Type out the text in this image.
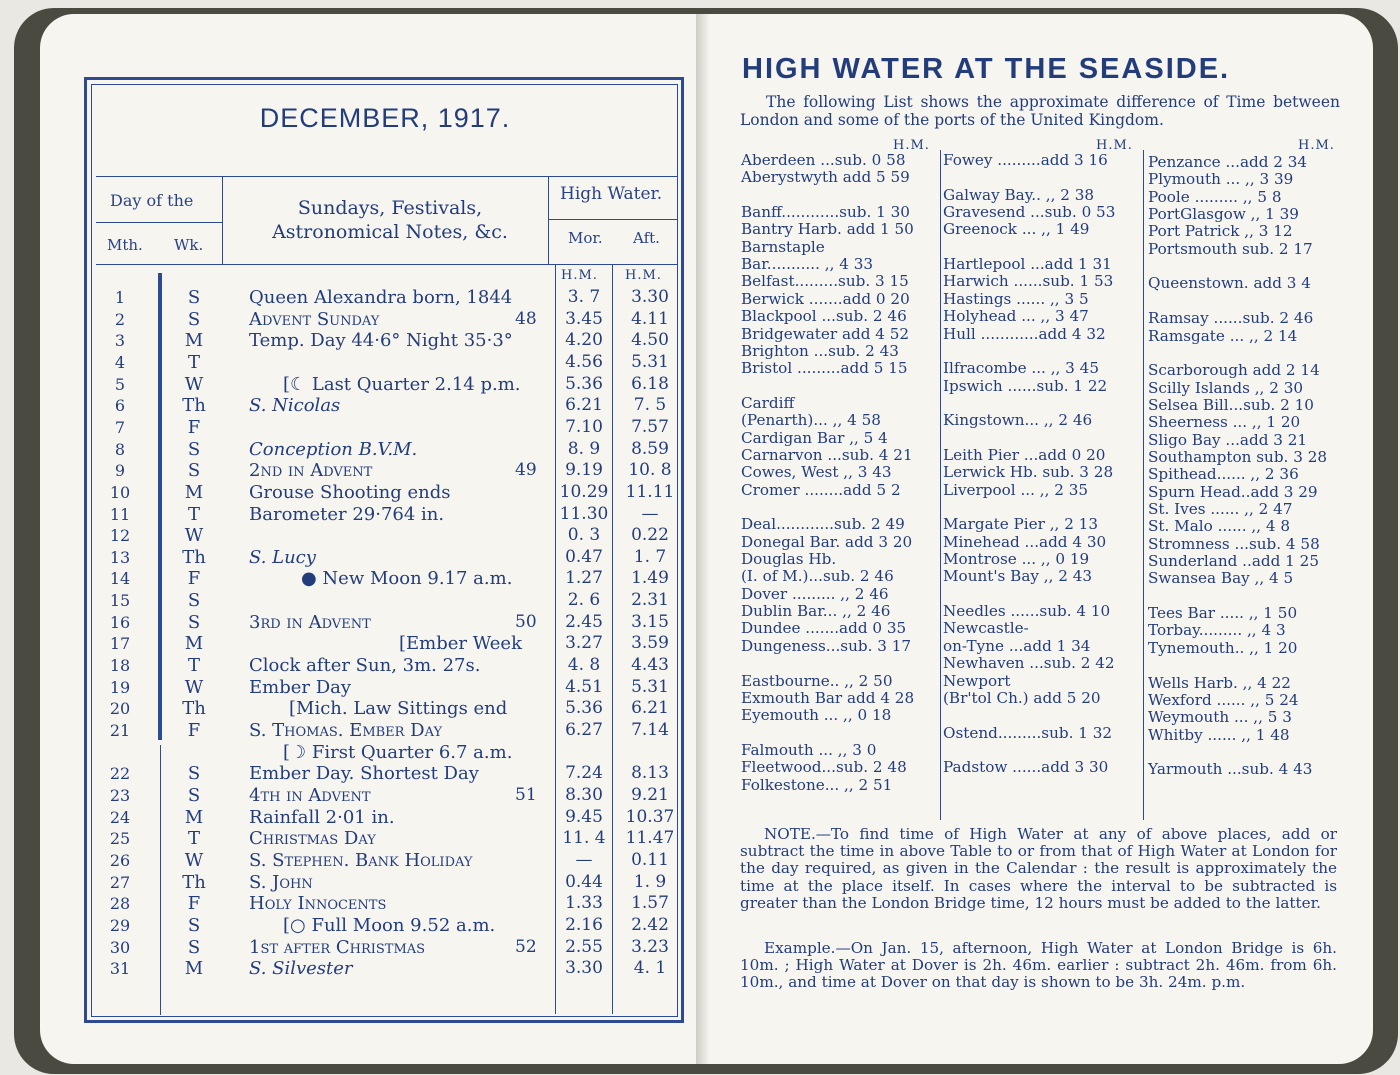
DECEMBER, 1917.
Day of the
Mth. Wk.
Sundays, Festivals,
Astronomical Notes, &c.
High Water.
Mor. Aft.
H.M. H.M.
1	S	Queen Alexandra born, 1844	3. 7	3.30
2	S	Advent Sunday	48	3.45	4.11
3	M	Temp. Day 44·6° Night 35·3°	4.20	4.50
4	T	4.56	5.31
5	W	[☾ Last Quarter 2.14 p.m.	5.36	6.18
6	Th	S. Nicolas	6.21	7. 5
7	F	7.10	7.57
8	S	Conception B.V.M.	8. 9	8.59
9	S	2nd in Advent	49	9.19	10. 8
10	M	Grouse Shooting ends	10.29	11.11
11	T	Barometer 29·764 in.	11.30	—
12	W	0. 3	0.22
13	Th	S. Lucy	0.47	1. 7
14	F	● New Moon 9.17 a.m.	1.27	1.49
15	S	2. 6	2.31
16	S	3rd in Advent	50	2.45	3.15
17	M	[Ember Week	3.27	3.59
18	T	Clock after Sun, 3m. 27s.	4. 8	4.43
19	W	Ember Day	4.51	5.31
20	Th	[Mich. Law Sittings end	5.36	6.21
21	F	S. Thomas. Ember Day	6.27	7.14
[☽ First Quarter 6.7 a.m.
22	S	Ember Day. Shortest Day	7.24	8.13
23	S	4th in Advent	51	8.30	9.21
24	M	Rainfall 2·01 in.	9.45	10.37
25	T	Christmas Day	11. 4	11.47
26	W	S. Stephen. Bank Holiday	—	0.11
27	Th	S. John	0.44	1. 9
28	F	Holy Innocents	1.33	1.57
29	S	[○ Full Moon 9.52 a.m.	2.16	2.42
30	S	1st after Christmas	52	2.55	3.23
31	M	S. Silvester	3.30	4. 1
HIGH WATER AT THE SEASIDE.
The following List shows the approximate difference of Time between London and some of the ports of the United Kingdom.
H.M.	H.M.	H.M.
Aberdeen ...sub. 0 58
Aberystwyth add 5 59
Banff............sub. 1 30
Bantry Harb. add 1 50
Barnstaple
Bar........... ,, 4 33
Belfast.........sub. 3 15
Berwick .......add 0 20
Blackpool ...sub. 2 46
Bridgewater add 4 52
Brighton ...sub. 2 43
Bristol .........add 5 15
Cardiff
(Penarth)... ,, 4 58
Cardigan Bar ,, 5 4
Carnarvon ...sub. 4 21
Cowes, West ,, 3 43
Cromer ........add 5 2
Deal............sub. 2 49
Donegal Bar. add 3 20
Douglas Hb.
(I. of M.)...sub. 2 46
Dover ......... ,, 2 46
Dublin Bar... ,, 2 46
Dundee .......add 0 35
Dungeness...sub. 3 17
Eastbourne.. ,, 2 50
Exmouth Bar add 4 28
Eyemouth ... ,, 0 18
Falmouth ... ,, 3 0
Fleetwood...sub. 2 48
Folkestone... ,, 2 51
Fowey .........add 3 16
Galway Bay.. ,, 2 38
Gravesend ...sub. 0 53
Greenock ... ,, 1 49
Hartlepool ...add 1 31
Harwich ......sub. 1 53
Hastings ...... ,, 3 5
Holyhead ... ,, 3 47
Hull ............add 4 32
Ilfracombe ... ,, 3 45
Ipswich ......sub. 1 22
Kingstown... ,, 2 46
Leith Pier ...add 0 20
Lerwick Hb. sub. 3 28
Liverpool ... ,, 2 35
Margate Pier ,, 2 13
Minehead ...add 4 30
Montrose ... ,, 0 19
Mount's Bay ,, 2 43
Needles ......sub. 4 10
Newcastle-
on-Tyne ...add 1 34
Newhaven ...sub. 2 42
Newport
(Br'tol Ch.) add 5 20
Ostend.........sub. 1 32
Padstow ......add 3 30
Penzance ...add 2 34
Plymouth ... ,, 3 39
Poole ......... ,, 5 8
PortGlasgow ,, 1 39
Port Patrick ,, 3 12
Portsmouth sub. 2 17
Queenstown. add 3 4
Ramsay ......sub. 2 46
Ramsgate ... ,, 2 14
Scarborough add 2 14
Scilly Islands ,, 2 30
Selsea Bill...sub. 2 10
Sheerness ... ,, 1 20
Sligo Bay ...add 3 21
Southampton sub. 3 28
Spithead...... ,, 2 36
Spurn Head..add 3 29
St. Ives ...... ,, 2 47
St. Malo ...... ,, 4 8
Stromness ...sub. 4 58
Sunderland ..add 1 25
Swansea Bay ,, 4 5
Tees Bar ..... ,, 1 50
Torbay......... ,, 4 3
Tynemouth.. ,, 1 20
Wells Harb. ,, 4 22
Wexford ...... ,, 5 24
Weymouth ... ,, 5 3
Whitby ...... ,, 1 48
Yarmouth ...sub. 4 43
NOTE.—To find time of High Water at any of above places, add or subtract the time in above Table to or from that of High Water at London for the day required, as given in the Calendar : the result is approximately the time at the place itself. In cases where the interval to be subtracted is greater than the London Bridge time, 12 hours must be added to the latter.
Example.—On Jan. 15, afternoon, High Water at London Bridge is 6h. 10m. ; High Water at Dover is 2h. 46m. earlier : subtract 2h. 46m. from 6h. 10m., and time at Dover on that day is shown to be 3h. 24m. p.m.
